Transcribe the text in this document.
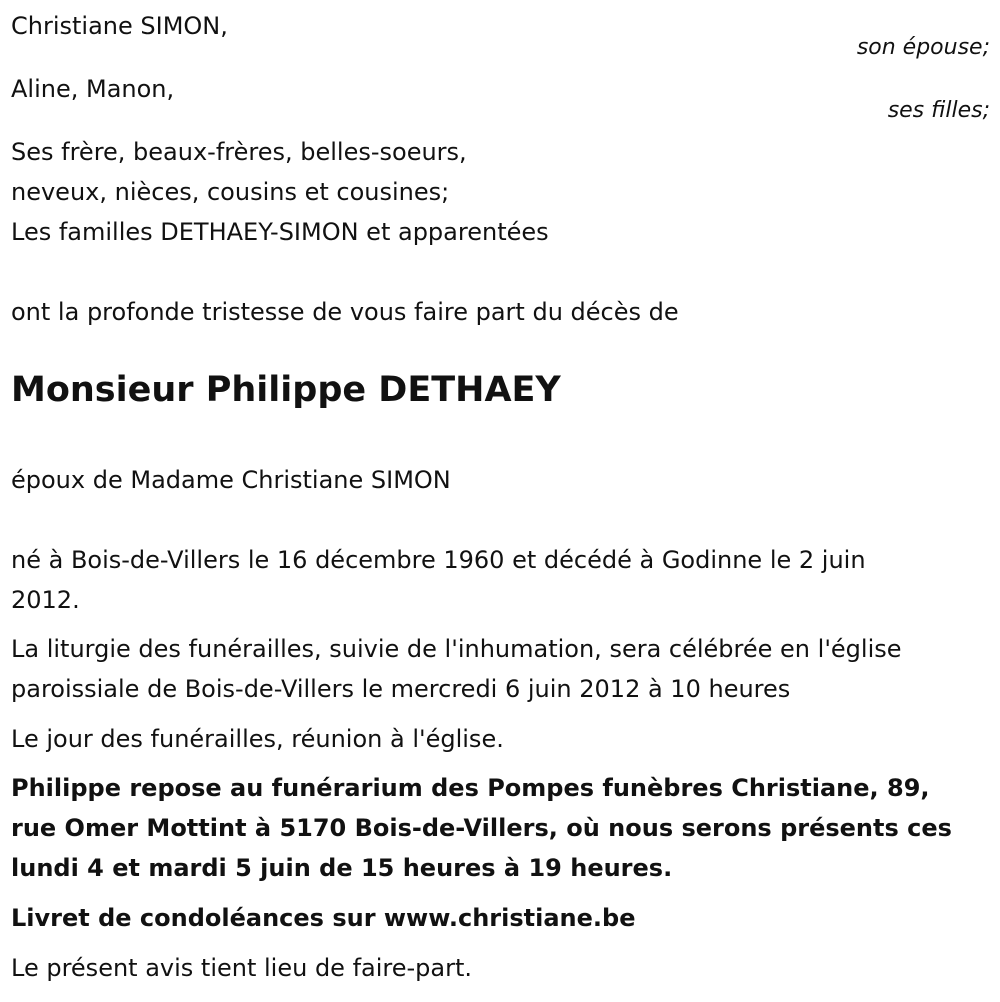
Christiane SIMON,

son épouse;

Aline, Manon,

ses filles;

Ses frère, beaux-frères, belles-soeurs,

neveux, nièces, cousins et cousines;

Les familles DETHAEY-SIMON et apparentées

ont la profonde tristesse de vous faire part du décès de

Monsieur Philippe DETHAEY

époux de Madame Christiane SIMON

né à Bois-de-Villers le 16 décembre 1960 et décédé à Godinne le 2 juin

2012.

La liturgie des funérailles, suivie de l'inhumation, sera célébrée en l'église

paroissiale de Bois-de-Villers le mercredi 6 juin 2012 à 10 heures

Le jour des funérailles, réunion à l'église.

Philippe repose au funérarium des Pompes funèbres Christiane, 89,

rue Omer Mottint à 5170 Bois-de-Villers, où nous serons présents ces

lundi 4 et mardi 5 juin de 15 heures à 19 heures.

Livret de condoléances sur www.christiane.be

Le présent avis tient lieu de faire-part.
